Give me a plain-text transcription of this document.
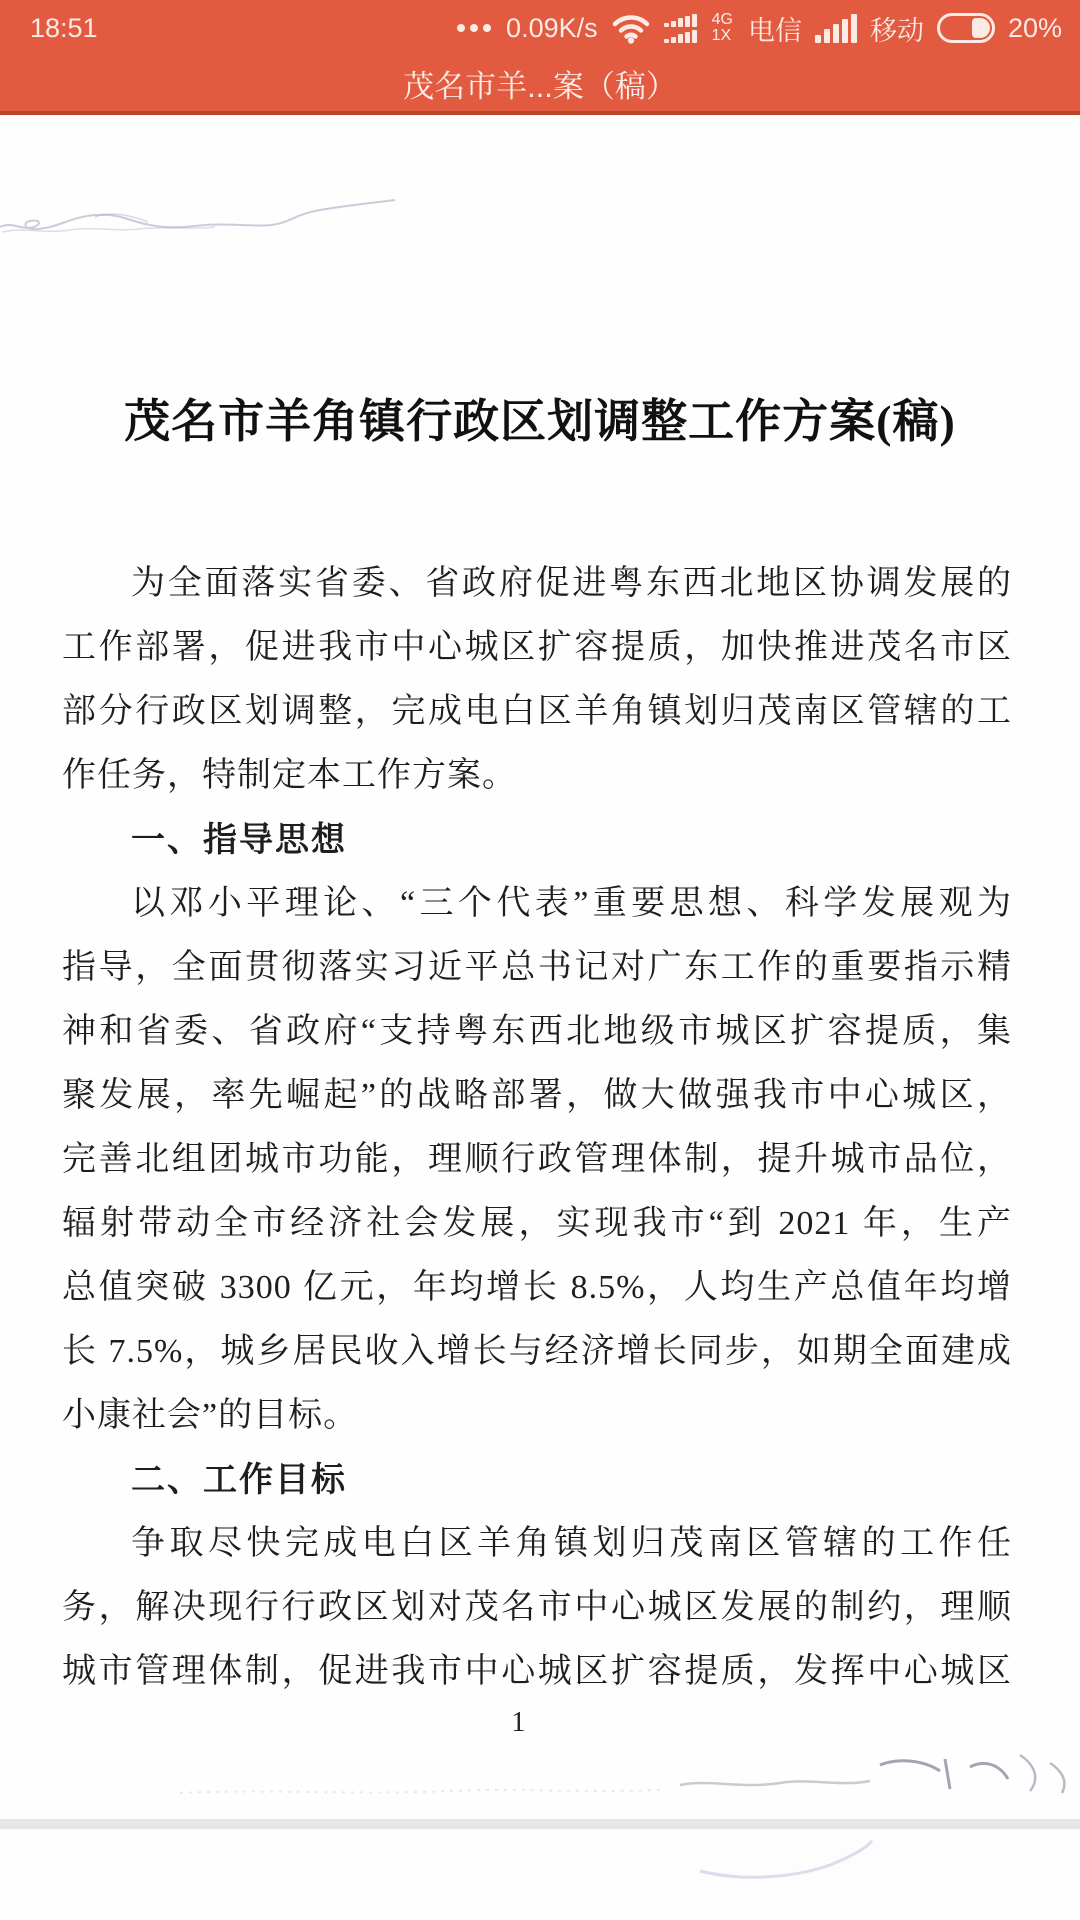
18:51	0.09K/s	4G
1X 电信	移动	20%
茂名市羊...案（稿）
茂名市羊角镇行政区划调整工作方案(稿)
为全面落实省委、省政府促进粤东西北地区协调发展的
工作部署，促进我市中心城区扩容提质，加快推进茂名市区
部分行政区划调整，完成电白区羊角镇划归茂南区管辖的工
作任务，特制定本工作方案。
一、指导思想
以邓小平理论、“三个代表”重要思想、科学发展观为
指导，全面贯彻落实习近平总书记对广东工作的重要指示精
神和省委、省政府“支持粤东西北地级市城区扩容提质，集
聚发展，率先崛起”的战略部署，做大做强我市中心城区，
完善北组团城市功能，理顺行政管理体制，提升城市品位，
辐射带动全市经济社会发展，实现我市“到 2021 年，生产
总值突破 3300 亿元，年均增长 8.5%，人均生产总值年均增
长 7.5%，城乡居民收入增长与经济增长同步，如期全面建成
小康社会”的目标。
二、工作目标
争取尽快完成电白区羊角镇划归茂南区管辖的工作任
务，解决现行行政区划对茂名市中心城区发展的制约，理顺
城市管理体制，促进我市中心城区扩容提质，发挥中心城区
1
